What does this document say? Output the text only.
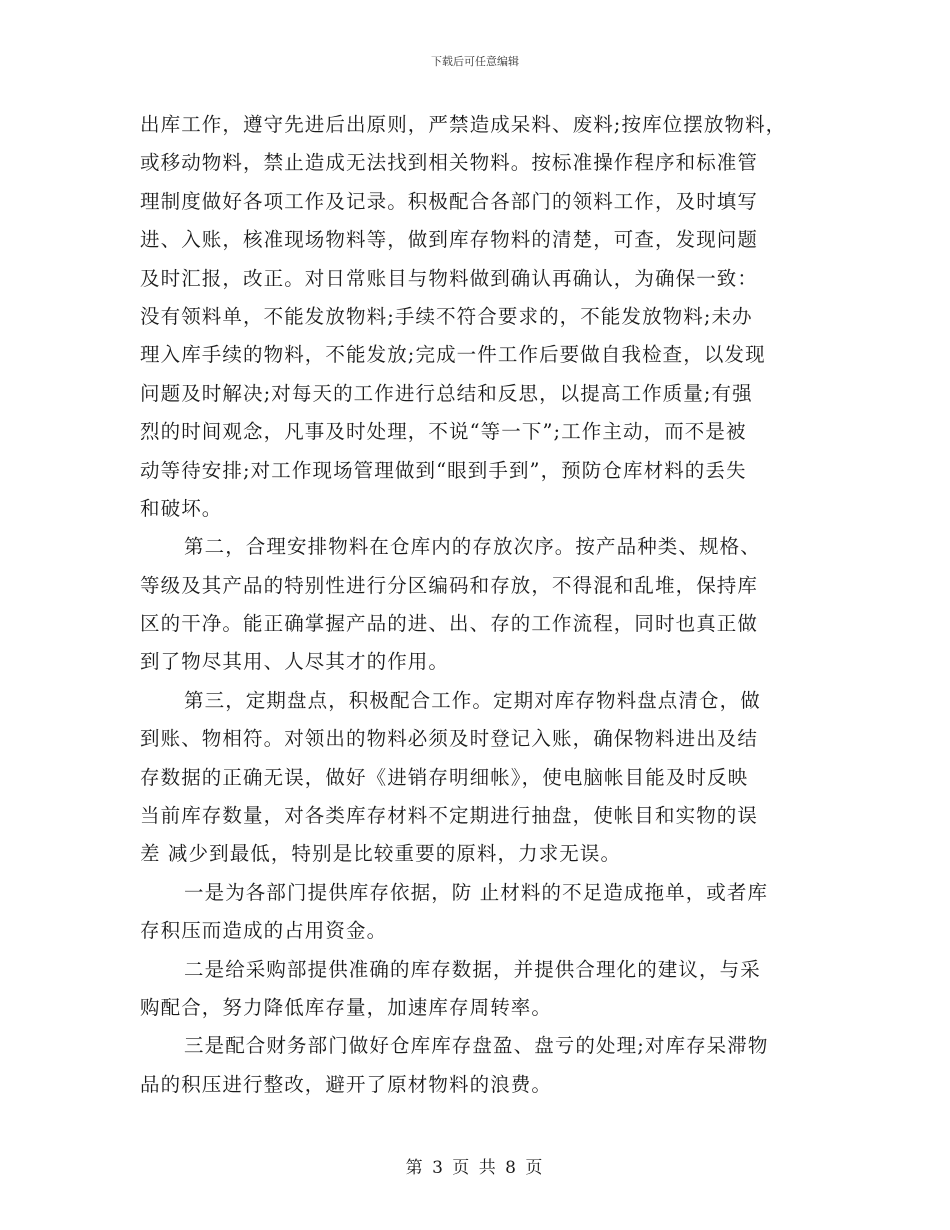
下载后可任意编辑
出库工作，遵守先进后出原则，严禁造成呆料、废料;按库位摆放物料，
或移动物料，禁止造成无法找到相关物料。按标准操作程序和标准管
理制度做好各项工作及记录。积极配合各部门的领料工作，及时填写
进、入账，核准现场物料等，做到库存物料的清楚，可查，发现问题
及时汇报，改正。对日常账目与物料做到确认再确认，为确保一致：
没有领料单，不能发放物料;手续不符合要求的，不能发放物料;未办
理入库手续的物料，不能发放;完成一件工作后要做自我检查，以发现
问题及时解决;对每天的工作进行总结和反思，以提高工作质量;有强
烈的时间观念，凡事及时处理，不说“等一下”;工作主动，而不是被
动等待安排;对工作现场管理做到“眼到手到”，预防仓库材料的丢失
和破坏。
第二，合理安排物料在仓库内的存放次序。按产品种类、规格、
等级及其产品的特别性进行分区编码和存放，不得混和乱堆，保持库
区的干净。能正确掌握产品的进、出、存的工作流程，同时也真正做
到了物尽其用、人尽其才的作用。
第三，定期盘点，积极配合工作。定期对库存物料盘点清仓，做
到账、物相符。对领出的物料必须及时登记入账，确保物料进出及结
存数据的正确无误，做好《进销存明细帐》，使电脑帐目能及时反映
当前库存数量，对各类库存材料不定期进行抽盘，使帐目和实物的误
差 减少到最低，特别是比较重要的原料，力求无误。
一是为各部门提供库存依据，防 止材料的不足造成拖单，或者库
存积压而造成的占用资金。
二是给采购部提供准确的库存数据，并提供合理化的建议，与采
购配合，努力降低库存量，加速库存周转率。
三是配合财务部门做好仓库库存盘盈、盘亏的处理;对库存呆滞物
品的积压进行整改，避开了原材物料的浪费。
第 3 页 共 8 页
